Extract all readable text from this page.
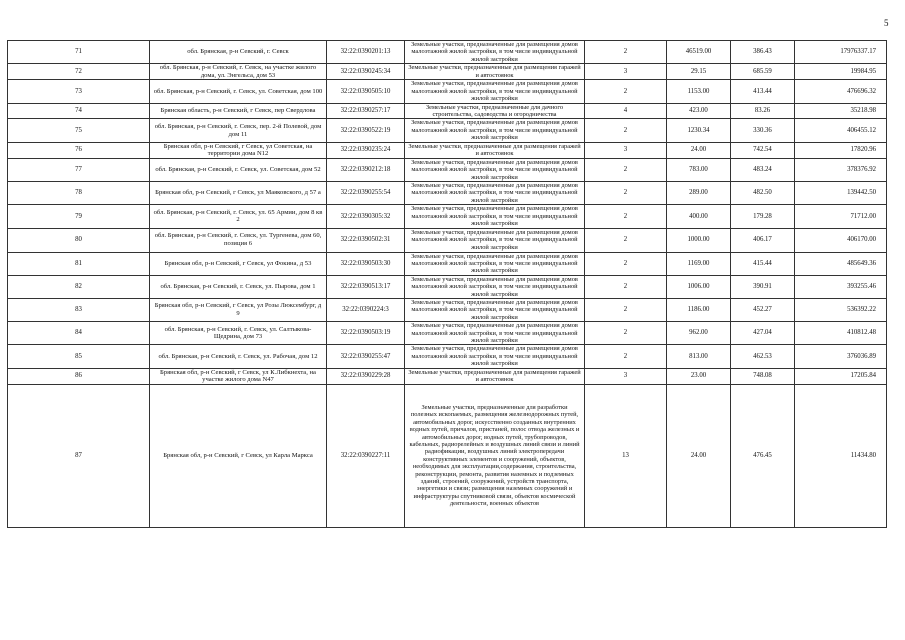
5
71	обл. Брянская, р-н Севский, г. Севск	32:22:0390201:13	Земельные участки, предназначенные для размещения домов малоэтажной жилой застройки, в том числе индивидуальной жилой застройки	2	46519.00	386.43	17976337.17
72	обл. Брянская, р-н Севский, г. Севск, на участке жилого дома, ул. Энгельса, дом 53	32:22:0390245:34	Земельные участки, предназначенные для размещения гаражей и автостоянок	3	29.15	685.59	19984.95
73	обл. Брянская, р-н Севский, г. Севск, ул. Советская, дом 100	32:22:0390505:10	Земельные участки, предназначенные для размещения домов малоэтажной жилой застройки, в том числе индивидуальной жилой застройки	2	1153.00	413.44	476696.32
74	Брянская область, р-н Севский, г Севск, пер Свердлова	32:22:0390257:17	Земельные участки, предназначенные для дачного строительства, садоводства и огородничества	4	423.00	83.26	35218.98
75	обл. Брянская, р-н Севский, г. Севск, пер. 2-й Полевой, дом дом 11	32:22:0390522:19	Земельные участки, предназначенные для размещения домов малоэтажной жилой застройки, в том числе индивидуальной жилой застройки	2	1230.34	330.36	406455.12
76	Брянская обл, р-н Севский, г Севск, ул Советская, на территории дома N12	32:22:0390235:24	Земельные участки, предназначенные для размещения гаражей и автостоянок	3	24.00	742.54	17820.96
77	обл. Брянская, р-н Севский, г. Севск, ул. Советская, дом 52	32:22:0390212:18	Земельные участки, предназначенные для размещения домов малоэтажной жилой застройки, в том числе индивидуальной жилой застройки	2	783.00	483.24	378376.92
78	Брянская обл, р-н Севский, г Севск, ул Маяковского, д 57 а	32:22:0390255:54	Земельные участки, предназначенные для размещения домов малоэтажной жилой застройки, в том числе индивидуальной жилой застройки	2	289.00	482.50	139442.50
79	обл. Брянская, р-н Севский, г. Севск, ул. 65 Армии, дом 8 кв 2	32:22:0390305:32	Земельные участки, предназначенные для размещения домов малоэтажной жилой застройки, в том числе индивидуальной жилой застройки	2	400.00	179.28	71712.00
80	обл. Брянская, р-н Севский, г. Севск, ул. Тургенева, дом 60, позиция 6	32:22:0390502:31	Земельные участки, предназначенные для размещения домов малоэтажной жилой застройки, в том числе индивидуальной жилой застройки	2	1000.00	406.17	406170.00
81	Брянская обл, р-н Севский, г Севск, ул Фокина, д 53	32:22:0390503:30	Земельные участки, предназначенные для размещения домов малоэтажной жилой застройки, в том числе индивидуальной жилой застройки	2	1169.00	415.44	485649.36
82	обл. Брянская, р-н Севский, г. Севск, ул. Пырова, дом 1	32:22:0390513:17	Земельные участки, предназначенные для размещения домов малоэтажной жилой застройки, в том числе индивидуальной жилой застройки	2	1006.00	390.91	393255.46
83	Брянская обл, р-н Севский, г Севск, ул Розы Люксембург, д 9	32:22:0390224:3	Земельные участки, предназначенные для размещения домов малоэтажной жилой застройки, в том числе индивидуальной жилой застройки	2	1186.00	452.27	536392.22
84	обл. Брянская, р-н Севский, г. Севск, ул. Салтыкова-Щедрина, дом 73	32:22:0390503:19	Земельные участки, предназначенные для размещения домов малоэтажной жилой застройки, в том числе индивидуальной жилой застройки	2	962.00	427.04	410812.48
85	обл. Брянская, р-н Севский, г. Севск, ул. Рабочая, дом 12	32:22:0390255:47	Земельные участки, предназначенные для размещения домов малоэтажной жилой застройки, в том числе индивидуальной жилой застройки	2	813.00	462.53	376036.89
86	Брянская обл, р-н Севский, г Севск, ул К.Либкнехта, на участке жилого дома N47	32:22:0390229:28	Земельные участки, предназначенные для размещения гаражей и автостоянок	3	23.00	748.08	17205.84
87	Брянская обл, р-н Севский, г Севск, ул Карла Маркса	32:22:0390227:11	Земельные участки, предназначенные для разработки полезных ископаемых, размещения железнодорожных путей, автомобильных дорог, искусственно созданных внутренних водных путей, причалов, пристаней, полос отвода железных и автомобильных дорог, водных путей, трубопроводов, кабельных, радиорелейных и воздушных линий связи и линий радиофикации, воздушных линий электропередачи конструктивных элементов и сооружений, объектов, необходимых для эксплуатации,содержания, строительства, реконструкции, ремонта, развития наземных и подземных зданий, строений, сооружений, устройств транспорта, энергетики и связи; размещения наземных сооружений и инфраструктуры спутниковой связи, объектов космической деятельности, военных объектов	13	24.00	476.45	11434.80
